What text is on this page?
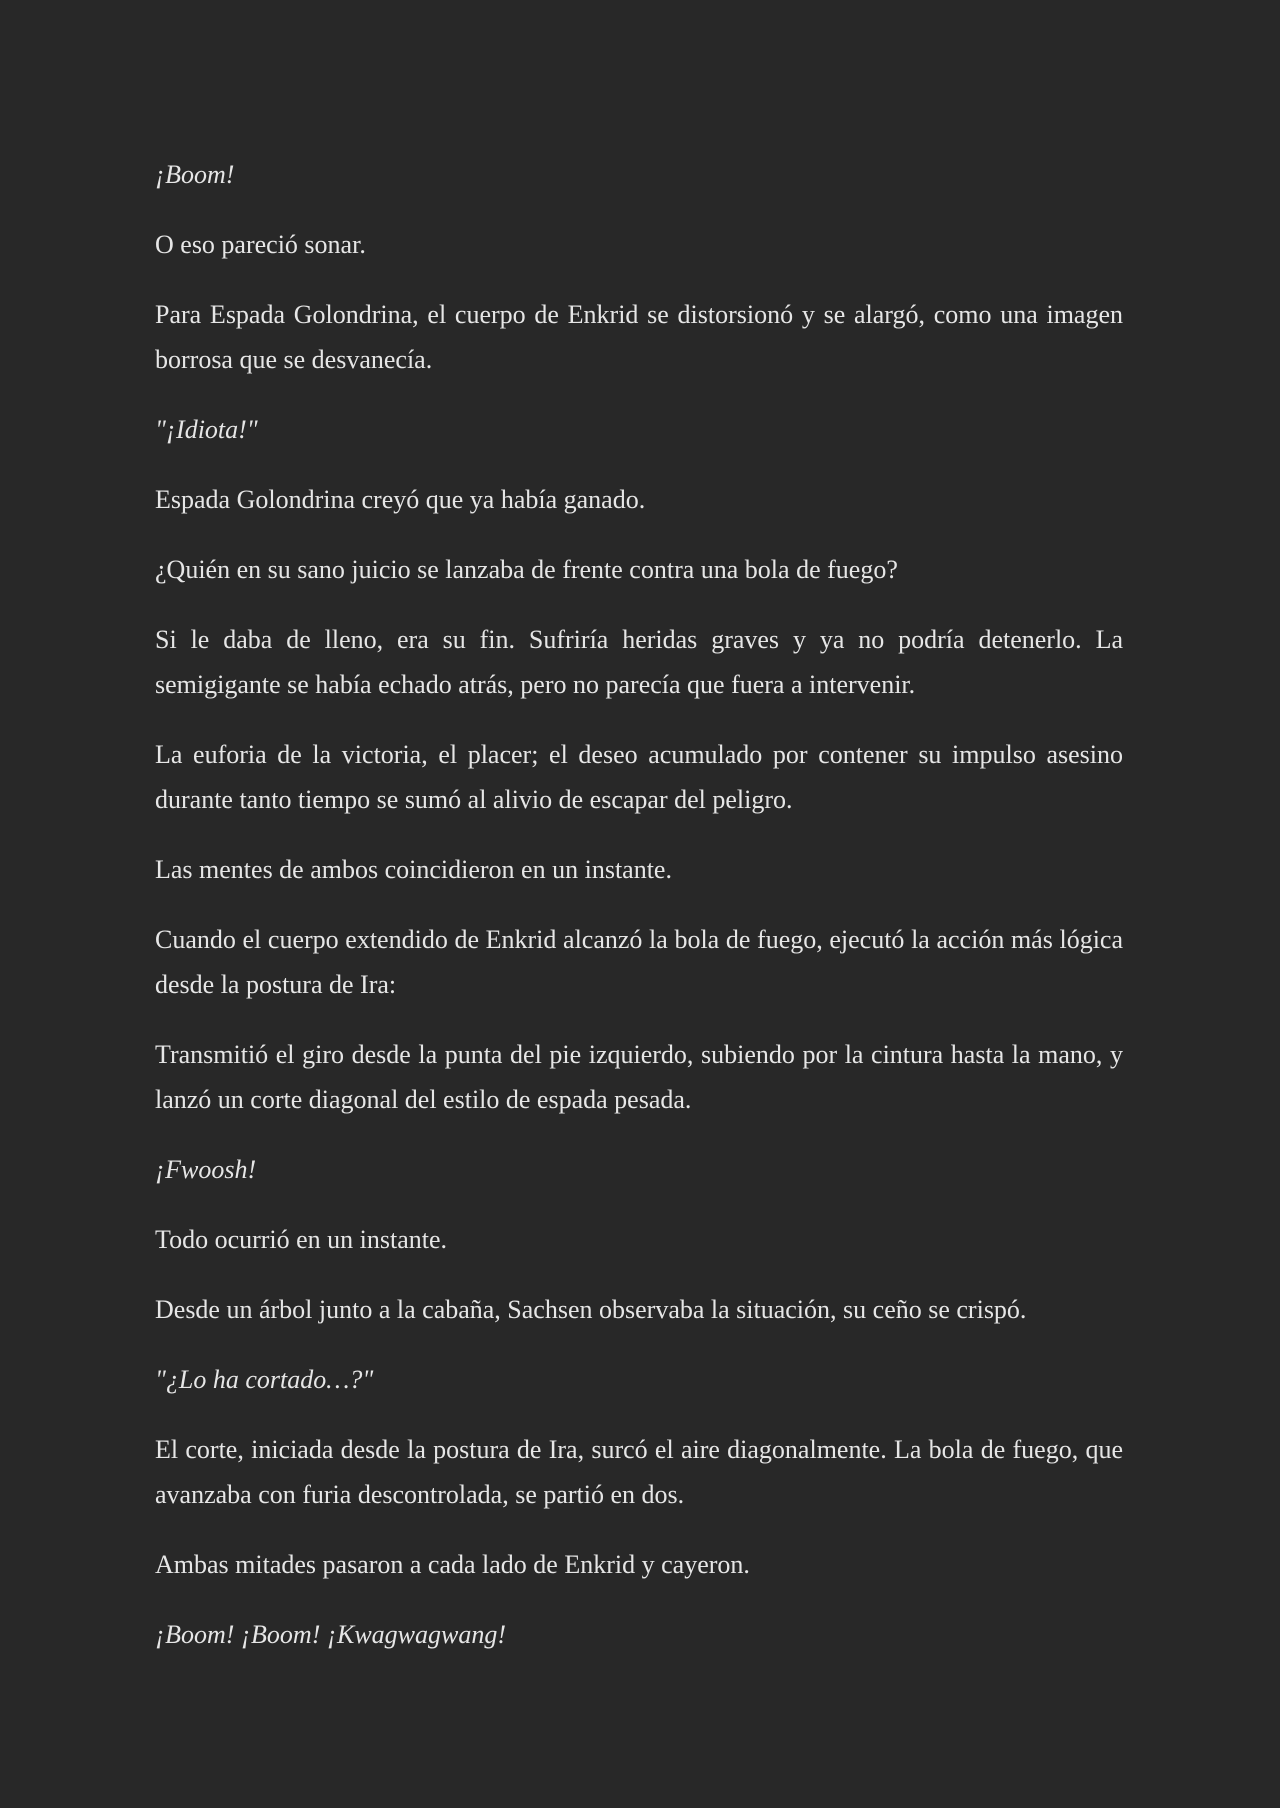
¡Boom!

O eso pareció sonar.

Para Espada Golondrina, el cuerpo de Enkrid se distorsionó y se alargó, como una imagen borrosa que se desvanecía.

"¡Idiota!"

Espada Golondrina creyó que ya había ganado.

¿Quién en su sano juicio se lanzaba de frente contra una bola de fuego?

Si le daba de lleno, era su fin. Sufriría heridas graves y ya no podría detenerlo. La semigigante se había echado atrás, pero no parecía que fuera a intervenir.

La euforia de la victoria, el placer; el deseo acumulado por contener su impulso asesino durante tanto tiempo se sumó al alivio de escapar del peligro.

Las mentes de ambos coincidieron en un instante.

Cuando el cuerpo extendido de Enkrid alcanzó la bola de fuego, ejecutó la acción más lógica desde la postura de Ira:

Transmitió el giro desde la punta del pie izquierdo, subiendo por la cintura hasta la mano, y lanzó un corte diagonal del estilo de espada pesada.

¡Fwoosh!

Todo ocurrió en un instante.

Desde un árbol junto a la cabaña, Sachsen observaba la situación, su ceño se crispó.

"¿Lo ha cortado…?"

El corte, iniciada desde la postura de Ira, surcó el aire diagonalmente. La bola de fuego, que avanzaba con furia descontrolada, se partió en dos.

Ambas mitades pasaron a cada lado de Enkrid y cayeron.

¡Boom! ¡Boom! ¡Kwagwagwang!
